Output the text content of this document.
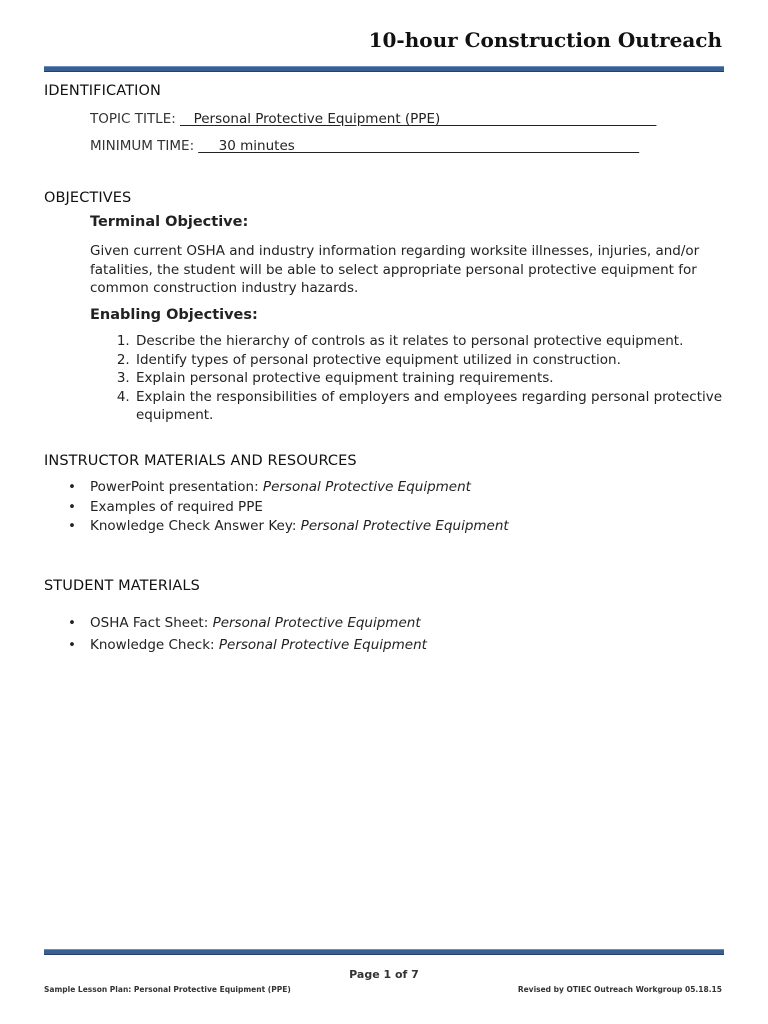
10-hour Construction Outreach
IDENTIFICATION
TOPIC TITLE: __Personal Protective Equipment (PPE)________________________________
MINIMUM TIME: ___30 minutes___________________________________________________
OBJECTIVES
Terminal Objective:

Given current OSHA and industry information regarding worksite illnesses, injuries, and/or fatalities, the student will be able to select appropriate personal protective equipment for common construction industry hazards.

Enabling Objectives:
1. Describe the hierarchy of controls as it relates to personal protective equipment.
2. Identify types of personal protective equipment utilized in construction.
3. Explain personal protective equipment training requirements.
4. Explain the responsibilities of employers and employees regarding personal protective equipment.
INSTRUCTOR MATERIALS AND RESOURCES
• PowerPoint presentation: Personal Protective Equipment
• Examples of required PPE
• Knowledge Check Answer Key: Personal Protective Equipment
STUDENT MATERIALS
• OSHA Fact Sheet: Personal Protective Equipment
• Knowledge Check: Personal Protective Equipment
Page 1 of 7
Sample Lesson Plan: Personal Protective Equipment (PPE)	Revised by OTIEC Outreach Workgroup 05.18.15
